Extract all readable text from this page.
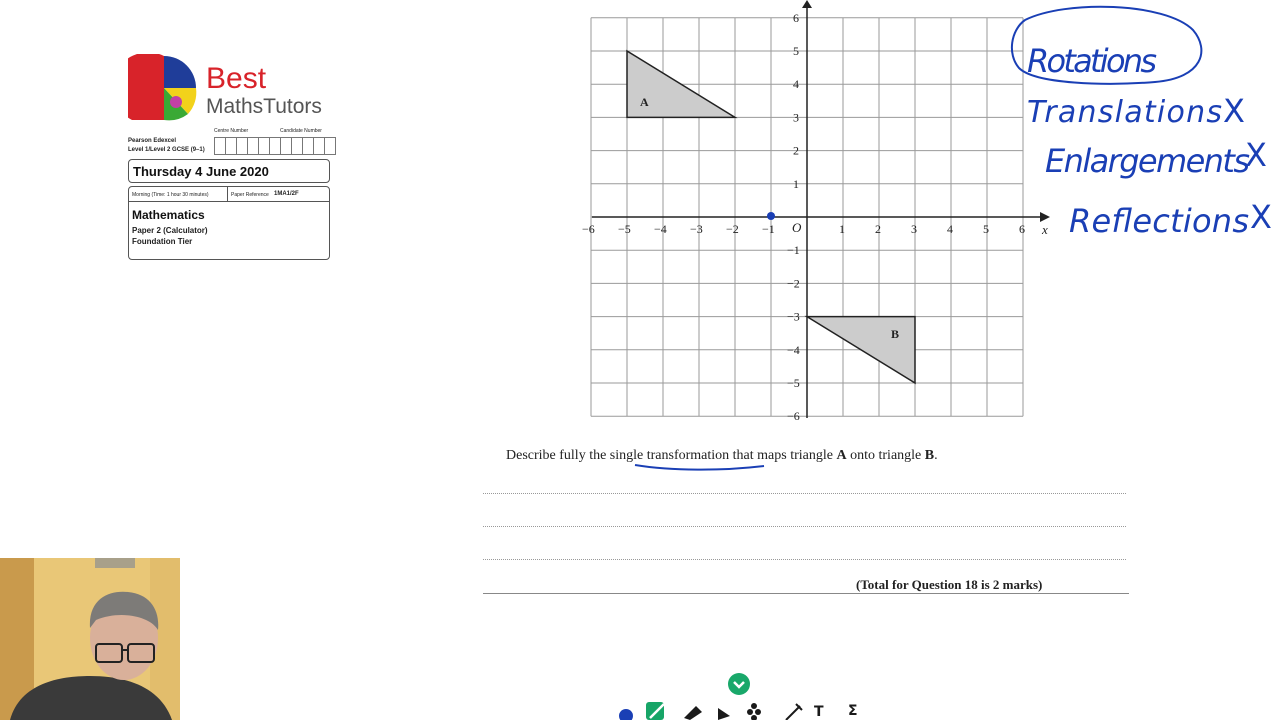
Best
MathsTutors
Pearson Edexcel
Level 1/Level 2 GCSE (9–1)
Centre Number	Candidate Number
Thursday 4 June 2020
Morning (Time: 1 hour 30 minutes)	Paper Reference 1MA1/2F
Mathematics
Paper 2 (Calculator)
Foundation Tier
−6 −5 −4 −3 −2 −1	1	2	3	4	5	6
6
5
4
3
2
1
−1
−2
−3
−4
−5
−6
O	x
A
B
Describe fully the single transformation that maps triangle A onto triangle B.
(Total for Question 18 is 2 marks)
Rotations
Translations X
Enlargements
X
Reflections X
T Σ
